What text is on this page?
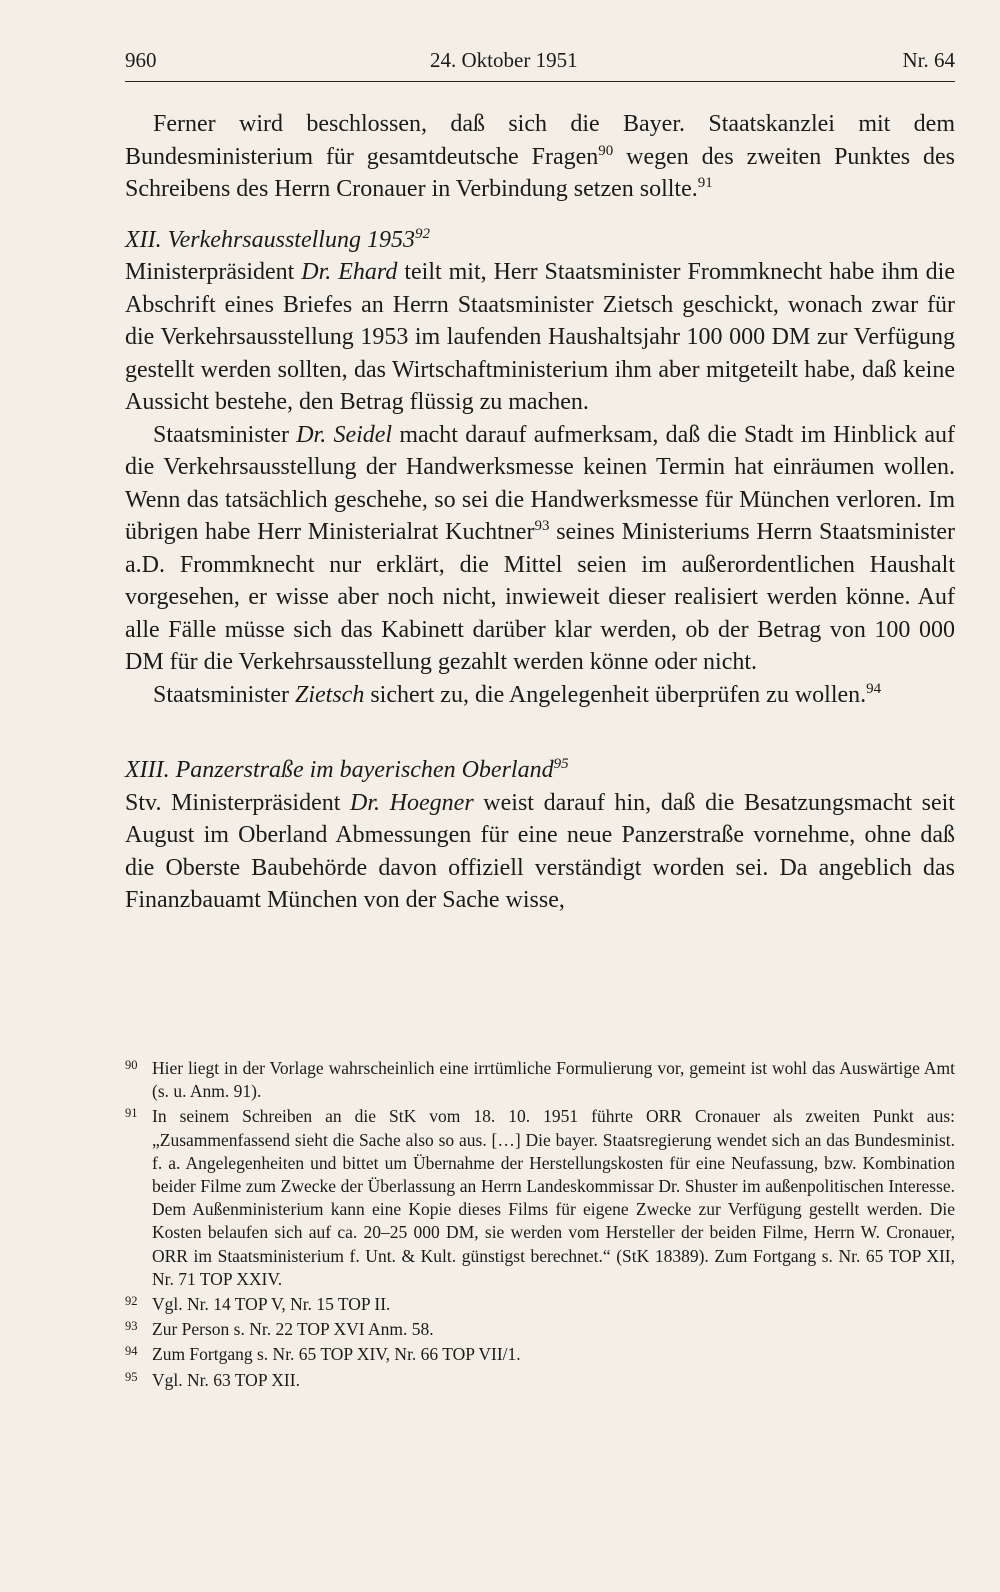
960	24. Oktober 1951	Nr. 64

Ferner wird beschlossen, daß sich die Bayer. Staatskanzlei mit dem Bundesministerium für gesamtdeutsche Fragen$^{90}$ wegen des zweiten Punktes des Schreibens des Herrn Cronauer in Verbindung setzen sollte.$^{91}$

XII. Verkehrsausstellung 1953$^{92}$

Ministerpräsident Dr. Ehard teilt mit, Herr Staatsminister Frommknecht habe ihm die Abschrift eines Briefes an Herrn Staatsminister Zietsch geschickt, wonach zwar für die Verkehrsausstellung 1953 im laufenden Haushaltsjahr 100 000 DM zur Verfügung gestellt werden sollten, das Wirtschaftministerium ihm aber mitgeteilt habe, daß keine Aussicht bestehe, den Betrag flüssig zu machen.

Staatsminister Dr. Seidel macht darauf aufmerksam, daß die Stadt im Hinblick auf die Verkehrsausstellung der Handwerksmesse keinen Termin hat einräumen wollen. Wenn das tatsächlich geschehe, so sei die Handwerksmesse für München verloren. Im übrigen habe Herr Ministerialrat Kuchtner$^{93}$ seines Ministeriums Herrn Staatsminister a.D. Frommknecht nur erklärt, die Mittel seien im außerordentlichen Haushalt vorgesehen, er wisse aber noch nicht, inwieweit dieser realisiert werden könne. Auf alle Fälle müsse sich das Kabinett darüber klar werden, ob der Betrag von 100 000 DM für die Verkehrsausstellung gezahlt werden könne oder nicht.

Staatsminister Zietsch sichert zu, die Angelegenheit überprüfen zu wollen.$^{94}$

XIII. Panzerstraße im bayerischen Oberland$^{95}$

Stv. Ministerpräsident Dr. Hoegner weist darauf hin, daß die Besatzungsmacht seit August im Oberland Abmessungen für eine neue Panzerstraße vornehme, ohne daß die Oberste Baubehörde davon offiziell verständigt worden sei. Da angeblich das Finanzbauamt München von der Sache wisse,

90 Hier liegt in der Vorlage wahrscheinlich eine irrtümliche Formulierung vor, gemeint ist wohl das Auswärtige Amt (s. u. Anm. 91).
91 In seinem Schreiben an die StK vom 18. 10. 1951 führte ORR Cronauer als zweiten Punkt aus: „Zusammenfassend sieht die Sache also so aus. […] Die bayer. Staatsregierung wendet sich an das Bundesminist. f. a. Angelegenheiten und bittet um Übernahme der Herstellungskosten für eine Neufassung, bzw. Kombination beider Filme zum Zwecke der Überlassung an Herrn Landeskommissar Dr. Shuster im außenpolitischen Interesse. Dem Außenministerium kann eine Kopie dieses Films für eigene Zwecke zur Verfügung gestellt werden. Die Kosten belaufen sich auf ca. 20–25 000 DM, sie werden vom Hersteller der beiden Filme, Herrn W. Cronauer, ORR im Staatsministerium f. Unt. & Kult. günstigst berechnet.“ (StK 18389). Zum Fortgang s. Nr. 65 TOP XII, Nr. 71 TOP XXIV.
92 Vgl. Nr. 14 TOP V, Nr. 15 TOP II.
93 Zur Person s. Nr. 22 TOP XVI Anm. 58.
94 Zum Fortgang s. Nr. 65 TOP XIV, Nr. 66 TOP VII/1.
95 Vgl. Nr. 63 TOP XII.
